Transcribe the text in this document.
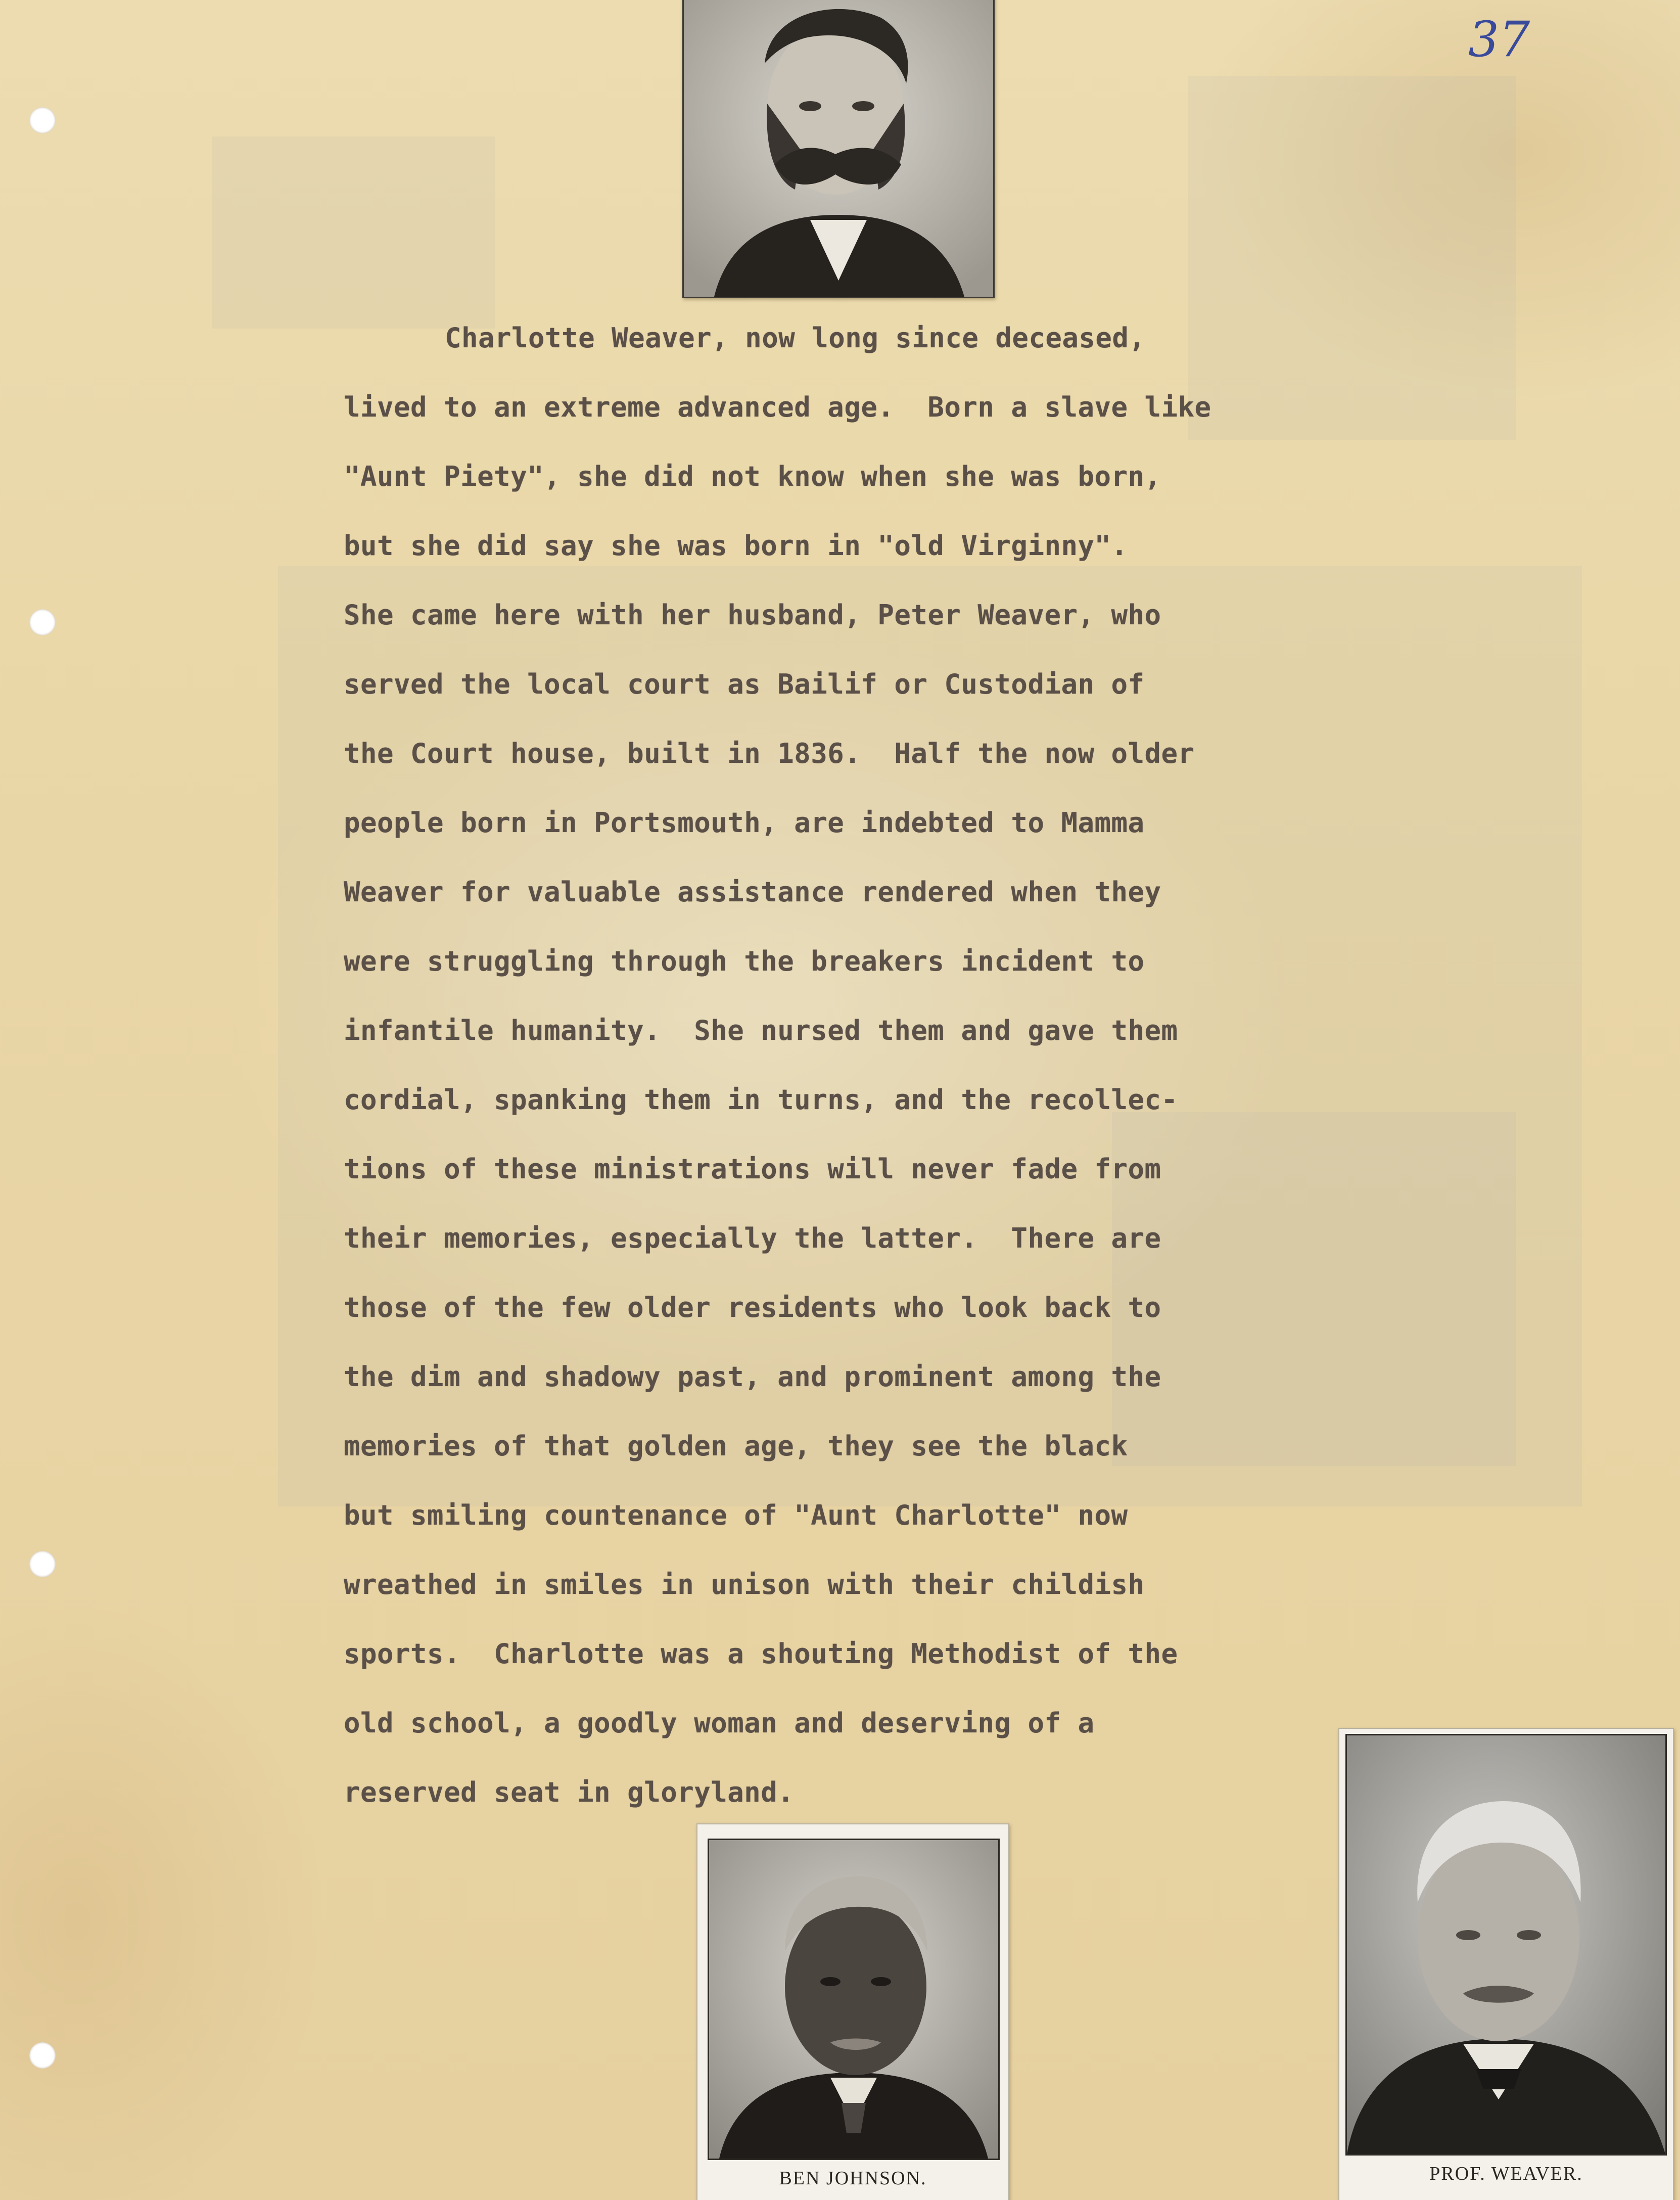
37

Charlotte Weaver, now long since deceased,
lived to an extreme advanced age.  Born a slave like
"Aunt Piety", she did not know when she was born,
but she did say she was born in "old Virginny".
She came here with her husband, Peter Weaver, who
served the local court as Bailif or Custodian of
the Court house, built in 1836.  Half the now older
people born in Portsmouth, are indebted to Mamma
Weaver for valuable assistance rendered when they
were struggling through the breakers incident to
infantile humanity.  She nursed them and gave them
cordial, spanking them in turns, and the recollec-
tions of these ministrations will never fade from
their memories, especially the latter.  There are
those of the few older residents who look back to
the dim and shadowy past, and prominent among the
memories of that golden age, they see the black
but smiling countenance of "Aunt Charlotte" now
wreathed in smiles in unison with their childish
sports.  Charlotte was a shouting Methodist of the
old school, a goodly woman and deserving of a
reserved seat in gloryland.

BEN JOHNSON.	PROF. WEAVER.
